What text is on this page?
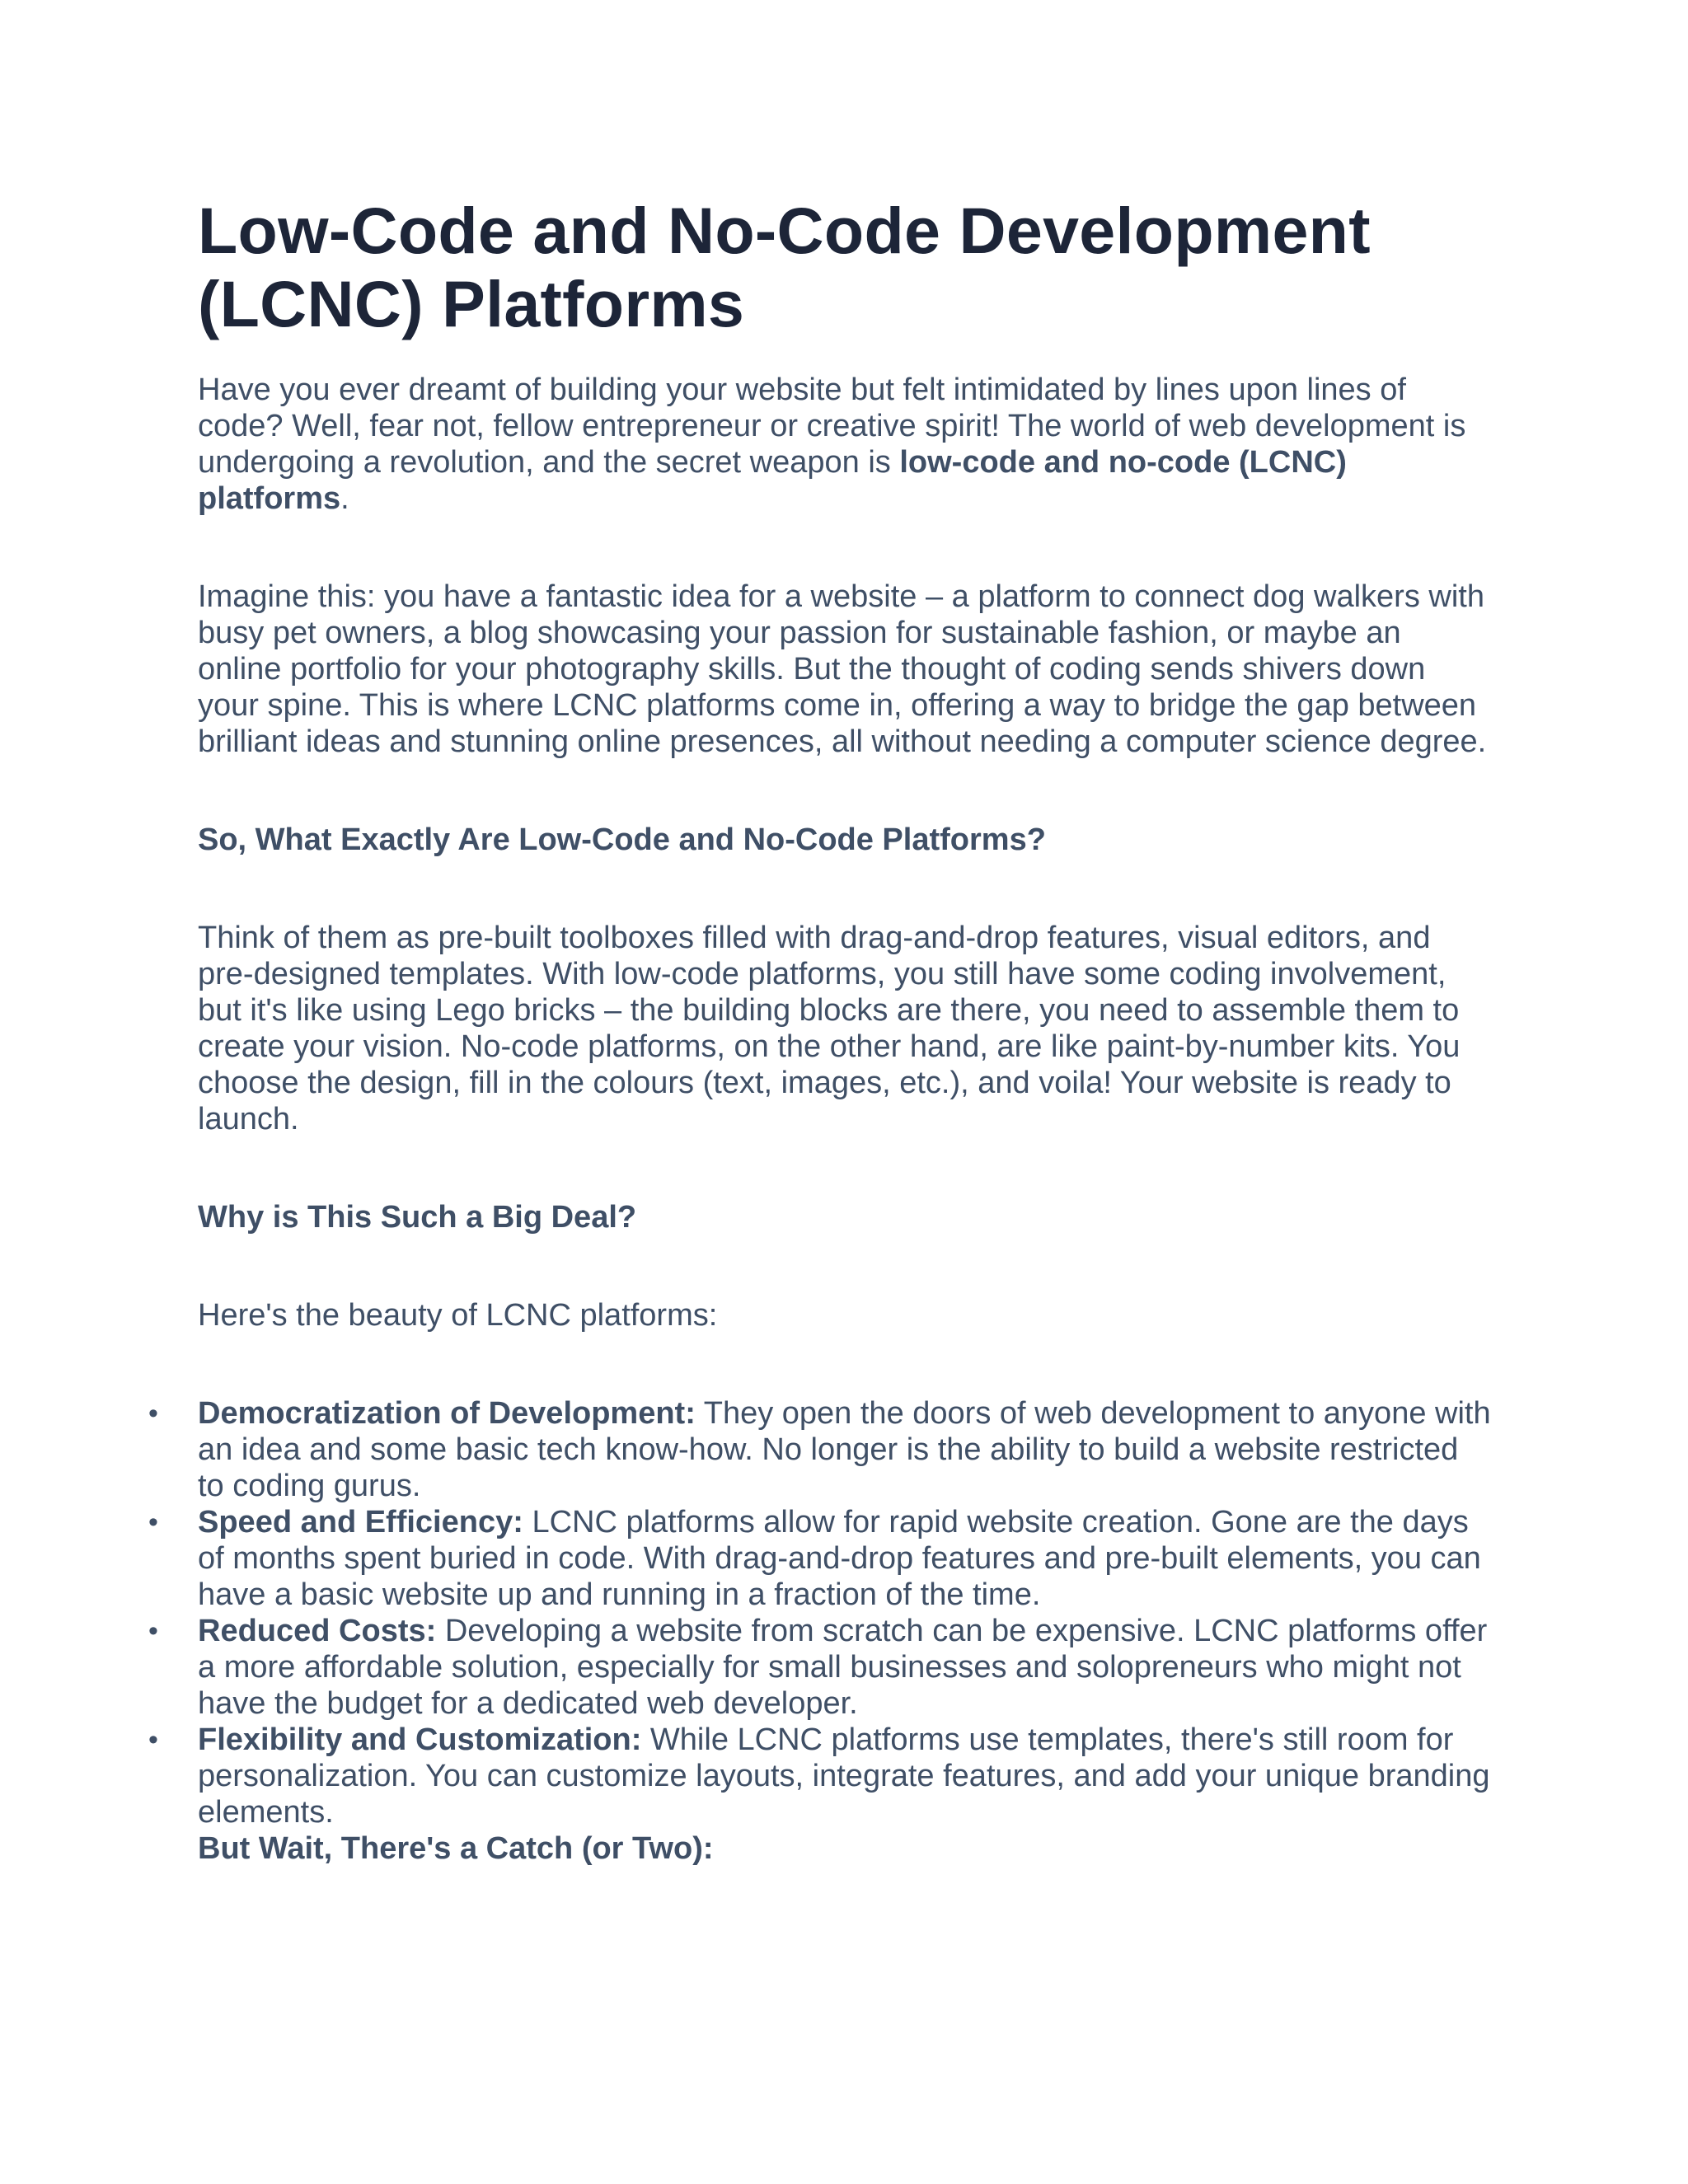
Low-Code and No-Code Development (LCNC) Platforms

Have you ever dreamt of building your website but felt intimidated by lines upon lines of code? Well, fear not, fellow entrepreneur or creative spirit! The world of web development is undergoing a revolution, and the secret weapon is low-code and no-code (LCNC) platforms.

Imagine this: you have a fantastic idea for a website – a platform to connect dog walkers with busy pet owners, a blog showcasing your passion for sustainable fashion, or maybe an online portfolio for your photography skills. But the thought of coding sends shivers down your spine. This is where LCNC platforms come in, offering a way to bridge the gap between brilliant ideas and stunning online presences, all without needing a computer science degree.

So, What Exactly Are Low-Code and No-Code Platforms?

Think of them as pre-built toolboxes filled with drag-and-drop features, visual editors, and pre-designed templates. With low-code platforms, you still have some coding involvement, but it's like using Lego bricks – the building blocks are there, you need to assemble them to create your vision. No-code platforms, on the other hand, are like paint-by-number kits. You choose the design, fill in the colours (text, images, etc.), and voila! Your website is ready to launch.

Why is This Such a Big Deal?

Here's the beauty of LCNC platforms:

• Democratization of Development: They open the doors of web development to anyone with an idea and some basic tech know-how. No longer is the ability to build a website restricted to coding gurus.
• Speed and Efficiency: LCNC platforms allow for rapid website creation. Gone are the days of months spent buried in code. With drag-and-drop features and pre-built elements, you can have a basic website up and running in a fraction of the time.
• Reduced Costs: Developing a website from scratch can be expensive. LCNC platforms offer a more affordable solution, especially for small businesses and solopreneurs who might not have the budget for a dedicated web developer.
• Flexibility and Customization: While LCNC platforms use templates, there's still room for personalization. You can customize layouts, integrate features, and add your unique branding elements.

But Wait, There's a Catch (or Two):
